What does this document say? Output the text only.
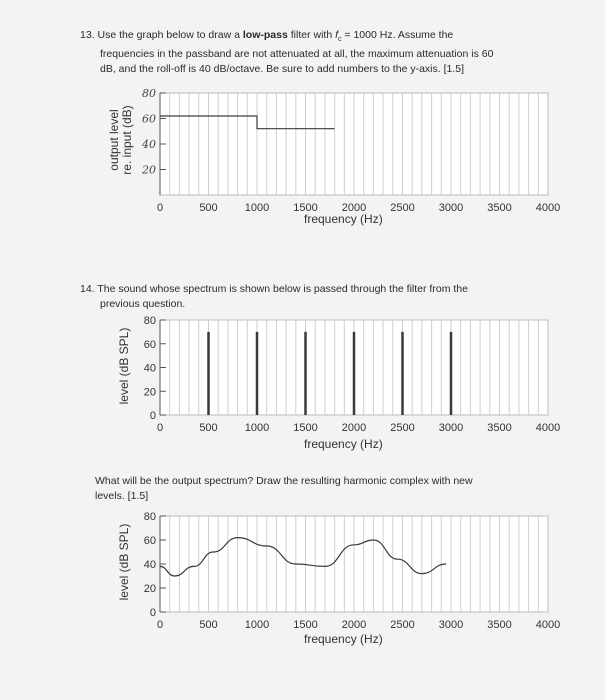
13. Use the graph below to draw a low-pass filter with $f_c = 1000$ Hz. Assume the

frequencies in the passband are not attenuated at all, the maximum attenuation is 60

dB, and the roll-off is 40 dB/octave. Be sure to add numbers to the y-axis. [1.5]

output level re. input (dB) 20
40
60
80
0	500 1000 1500 2000 2500 3000 3500 4000
0
20
40
60
80
0	500 1000 1500 2000 2500 3000 3500 4000
0
20
40
60
80
0	500 1000 1500 2000 2500 3000 3500 4000
frequency (Hz)

14. The sound whose spectrum is shown below is passed through the filter from the

previous question.

level (dB SPL)
frequency (Hz)

What will be the output spectrum? Draw the resulting harmonic complex with new

levels. [1.5]

level (dB SPL)
frequency (Hz)
